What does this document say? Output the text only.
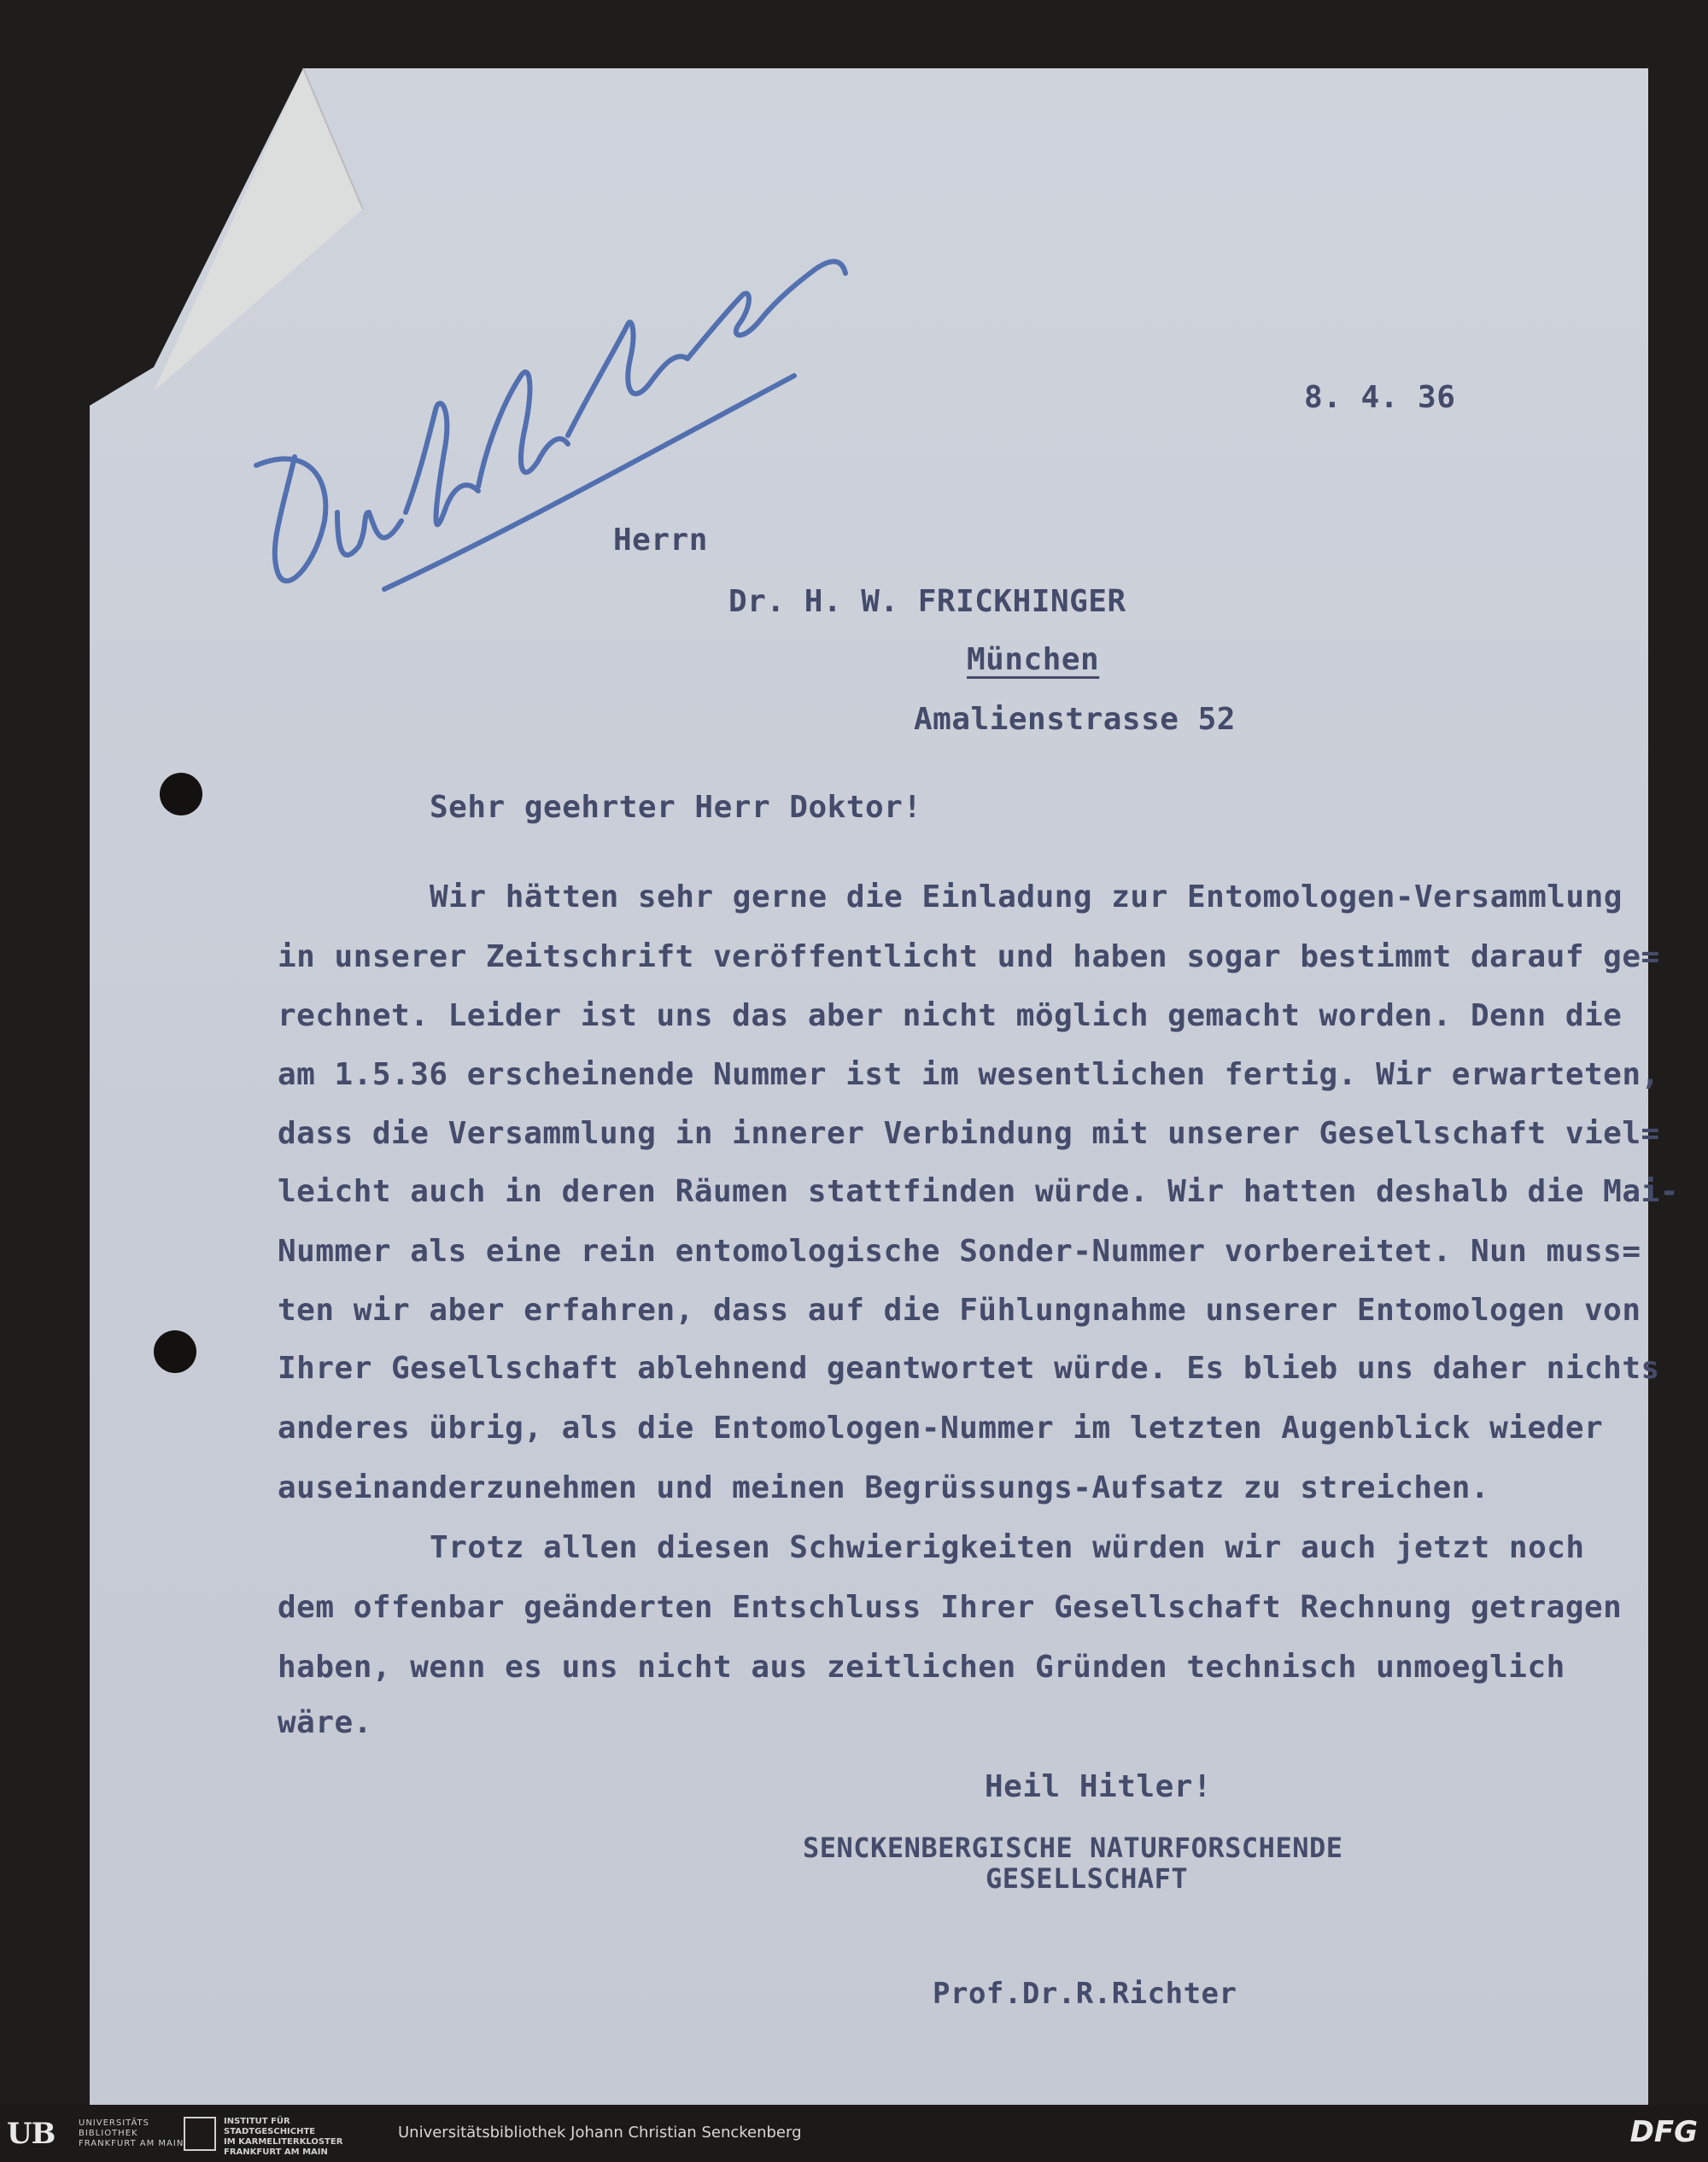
8. 4. 36
Herrn
Dr. H. W. FRICKHINGER
München
Amalienstrasse 52
Sehr geehrter Herr Doktor!
Wir hätten sehr gerne die Einladung zur Entomologen-Versammlung
in unserer Zeitschrift veröffentlicht und haben sogar bestimmt darauf ge=
rechnet. Leider ist uns das aber nicht möglich gemacht worden. Denn die
am 1.5.36 erscheinende Nummer ist im wesentlichen fertig. Wir erwarteten,
dass die Versammlung in innerer Verbindung mit unserer Gesellschaft viel=
leicht auch in deren Räumen stattfinden würde. Wir hatten deshalb die Mai-
Nummer als eine rein entomologische Sonder-Nummer vorbereitet. Nun muss=
ten wir aber erfahren, dass auf die Fühlungnahme unserer Entomologen von
Ihrer Gesellschaft ablehnend geantwortet würde. Es blieb uns daher nichts
anderes übrig, als die Entomologen-Nummer im letzten Augenblick wieder
auseinanderzunehmen und meinen Begrüssungs-Aufsatz zu streichen.
Trotz allen diesen Schwierigkeiten würden wir auch jetzt noch
dem offenbar geänderten Entschluss Ihrer Gesellschaft Rechnung getragen
haben, wenn es uns nicht aus zeitlichen Gründen technisch unmoeglich
wäre.
Heil Hitler!
SENCKENBERGISCHE NATURFORSCHENDE
GESELLSCHAFT
Prof.Dr.R.Richter
UB	UNIVERSITÄTS
BIBLIOTHEK
FRANKFURT AM MAIN
INSTITUT FÜR
STADTGESCHICHTE
IM KARMELITERKLOSTER
FRANKFURT AM MAIN
Universitätsbibliothek Johann Christian Senckenberg	DFG
